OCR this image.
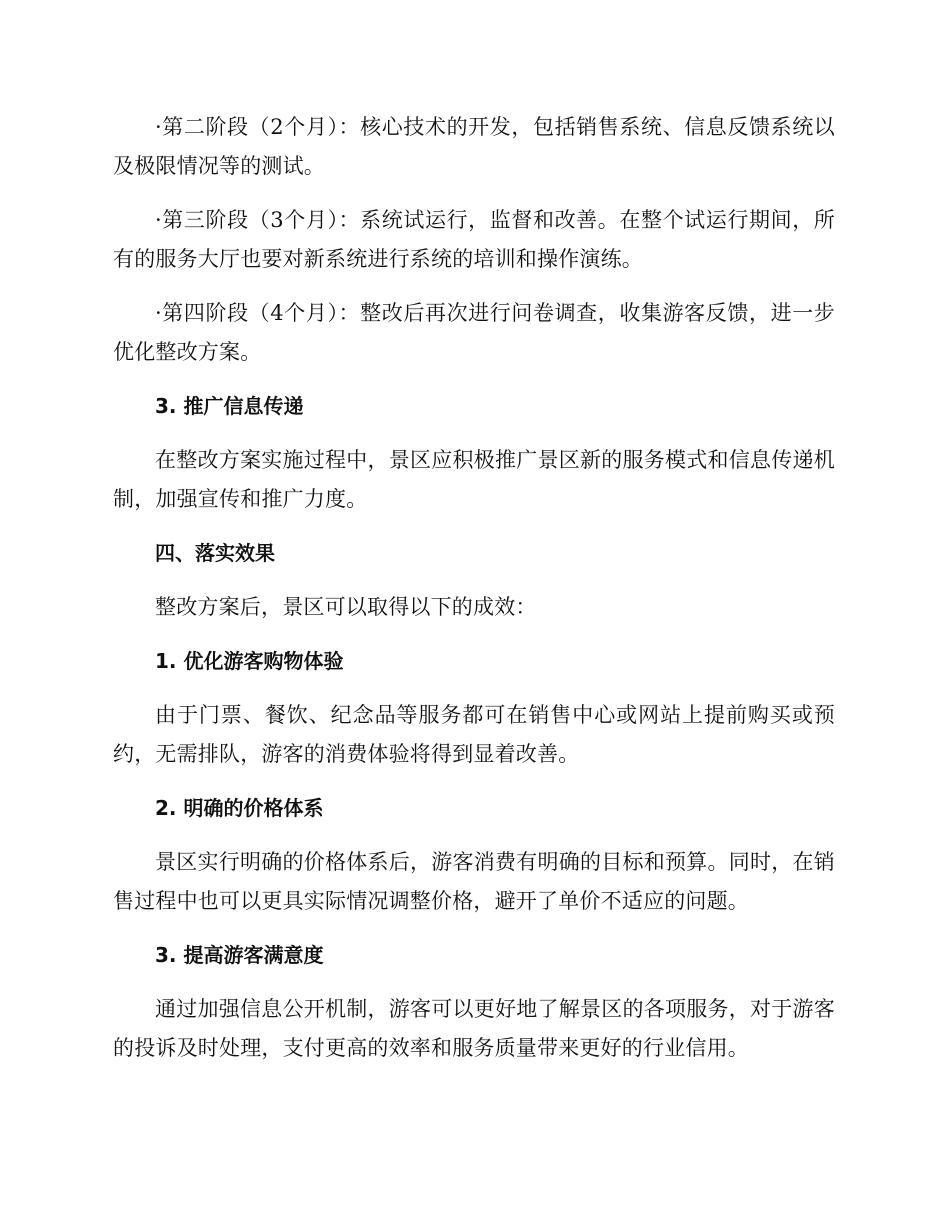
·第二阶段（2个月）：核心技术的开发，包括销售系统、信息反馈系统以及极限情况等的测试。

·第三阶段（3个月）：系统试运行，监督和改善。在整个试运行期间，所有的服务大厅也要对新系统进行系统的培训和操作演练。

·第四阶段（4个月）：整改后再次进行问卷调查，收集游客反馈，进一步优化整改方案。

3. 推广信息传递

在整改方案实施过程中，景区应积极推广景区新的服务模式和信息传递机制，加强宣传和推广力度。

四、落实效果

整改方案后，景区可以取得以下的成效：

1. 优化游客购物体验

由于门票、餐饮、纪念品等服务都可在销售中心或网站上提前购买或预约，无需排队，游客的消费体验将得到显着改善。

2. 明确的价格体系

景区实行明确的价格体系后，游客消费有明确的目标和预算。同时，在销售过程中也可以更具实际情况调整价格，避开了单价不适应的问题。

3. 提高游客满意度

通过加强信息公开机制，游客可以更好地了解景区的各项服务，对于游客的投诉及时处理，支付更高的效率和服务质量带来更好的行业信用。
